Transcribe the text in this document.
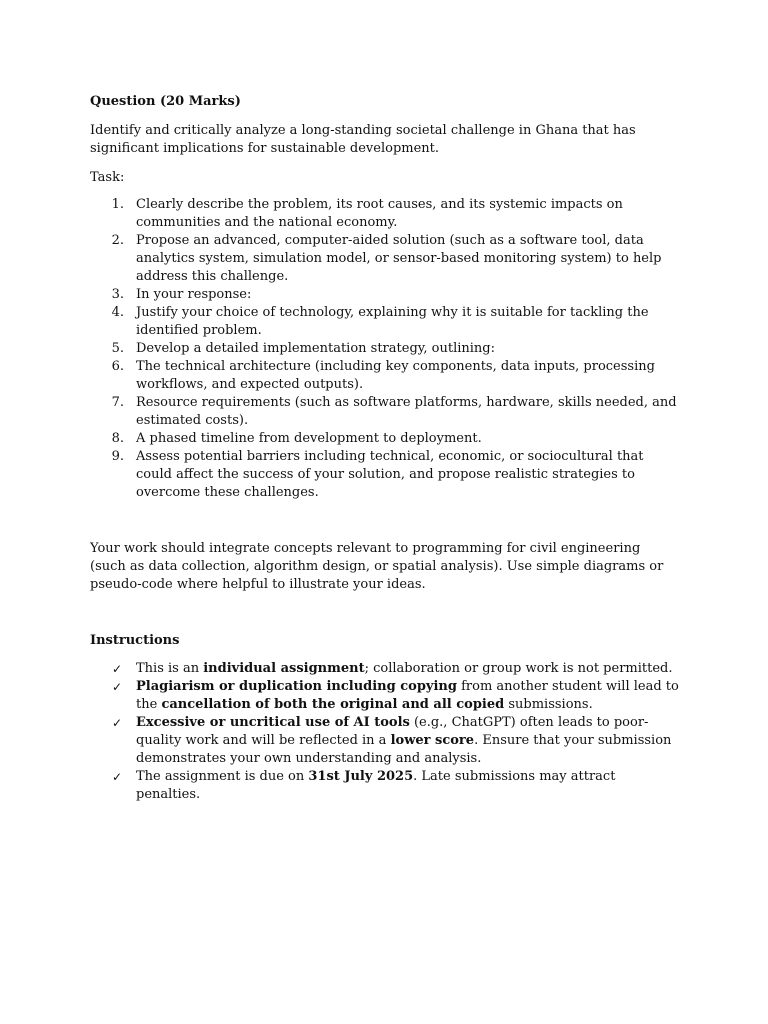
Question (20 Marks)

Identify and critically analyze a long-standing societal challenge in Ghana that has significant implications for sustainable development.

Task:

1. Clearly describe the problem, its root causes, and its systemic impacts on communities and the national economy.
2. Propose an advanced, computer-aided solution (such as a software tool, data analytics system, simulation model, or sensor-based monitoring system) to help address this challenge.
3. In your response:
4. Justify your choice of technology, explaining why it is suitable for tackling the identified problem.
5. Develop a detailed implementation strategy, outlining:
6. The technical architecture (including key components, data inputs, processing workflows, and expected outputs).
7. Resource requirements (such as software platforms, hardware, skills needed, and estimated costs).
8. A phased timeline from development to deployment.
9. Assess potential barriers including technical, economic, or sociocultural that could affect the success of your solution, and propose realistic strategies to overcome these challenges.

Your work should integrate concepts relevant to programming for civil engineering (such as data collection, algorithm design, or spatial analysis). Use simple diagrams or pseudo-code where helpful to illustrate your ideas.

Instructions

✓	This is an individual assignment; collaboration or group work is not permitted.
✓	Plagiarism or duplication including copying from another student will lead to the cancellation of both the original and all copied submissions.
✓	Excessive or uncritical use of AI tools (e.g., ChatGPT) often leads to poor-quality work and will be reflected in a lower score. Ensure that your submission demonstrates your own understanding and analysis.
✓	The assignment is due on 31st July 2025. Late submissions may attract penalties.
